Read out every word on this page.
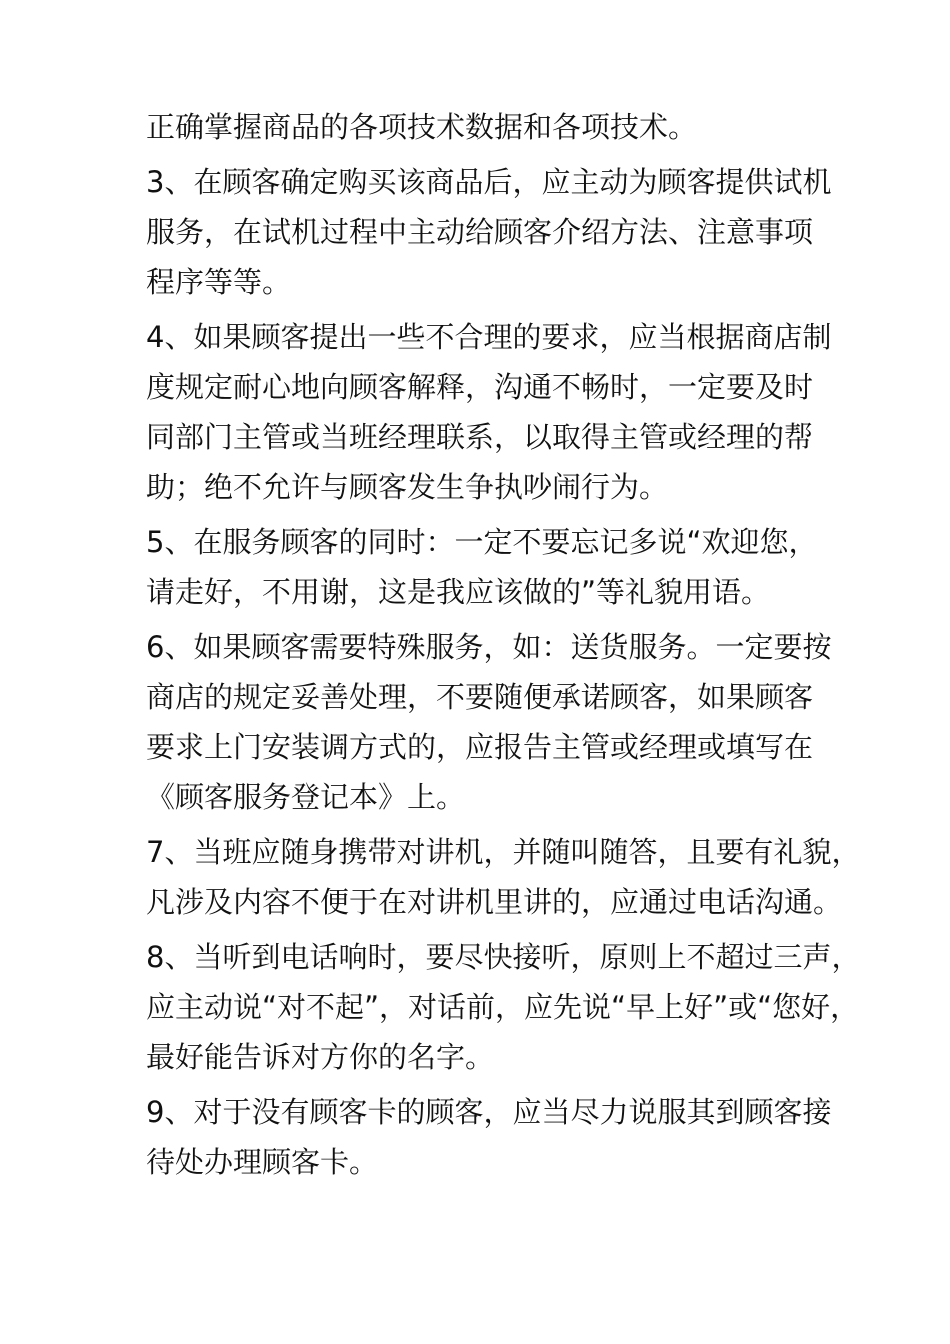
正确掌握商品的各项技术数据和各项技术。
3、在顾客确定购买该商品后，应主动为顾客提供试机
服务，在试机过程中主动给顾客介绍方法、注意事项
程序等等。
4、如果顾客提出一些不合理的要求，应当根据商店制
度规定耐心地向顾客解释，沟通不畅时，一定要及时
同部门主管或当班经理联系，以取得主管或经理的帮
助；绝不允许与顾客发生争执吵闹行为。
5、在服务顾客的同时：一定不要忘记多说“欢迎您，
请走好，不用谢，这是我应该做的”等礼貌用语。
6、如果顾客需要特殊服务，如：送货服务。一定要按
商店的规定妥善处理，不要随便承诺顾客，如果顾客
要求上门安装调方式的，应报告主管或经理或填写在
《顾客服务登记本》上。
7、当班应随身携带对讲机，并随叫随答，且要有礼貌，
凡涉及内容不便于在对讲机里讲的，应通过电话沟通。
8、当听到电话响时，要尽快接听，原则上不超过三声，
应主动说“对不起”，对话前，应先说“早上好”或“您好，
最好能告诉对方你的名字。
9、对于没有顾客卡的顾客，应当尽力说服其到顾客接
待处办理顾客卡。
